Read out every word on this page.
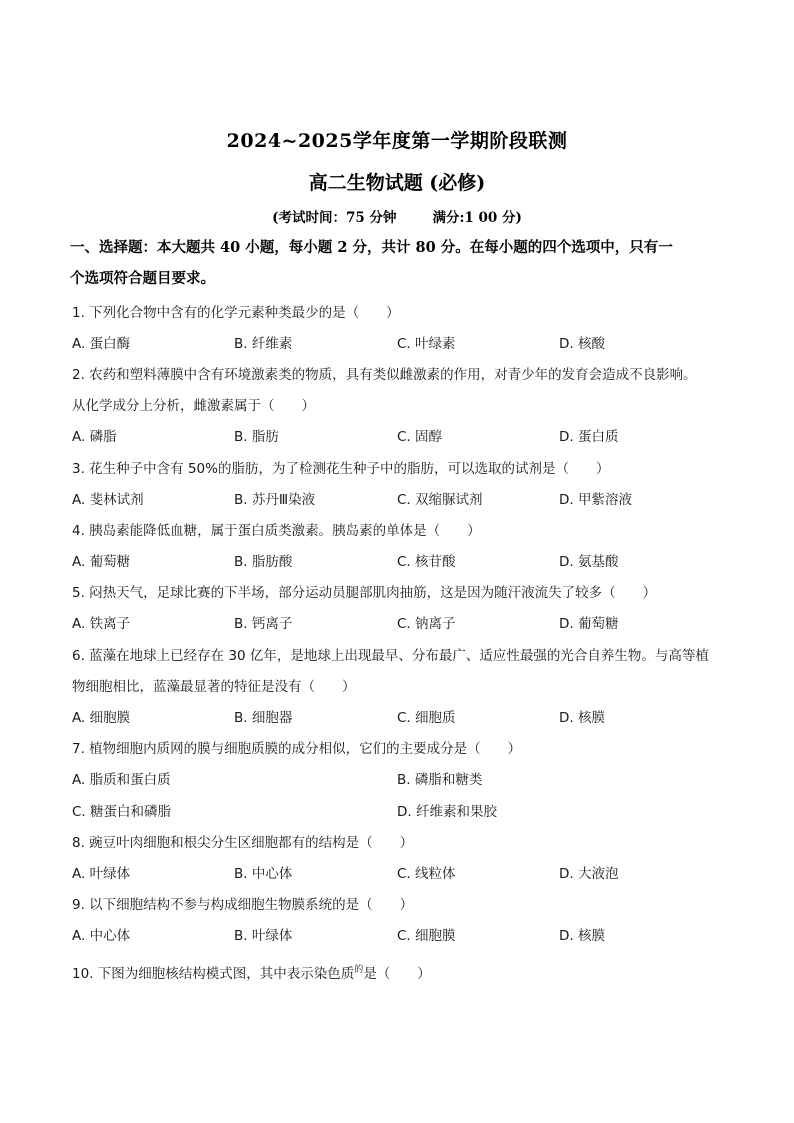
2024~2025学年度第一学期阶段联测
高二生物试题 (必修)
(考试时间：75 分钟	满分:1 00 分)
一、选择题：本大题共 40 小题，每小题 2 分，共计 80 分。在每小题的四个选项中，只有一
个选项符合题目要求。
1. 下列化合物中含有的化学元素种类最少的是（　　）
A. 蛋白酶	B. 纤维素	C. 叶绿素	D. 核酸
2. 农药和塑料薄膜中含有环境激素类的物质，具有类似雌激素的作用，对青少年的发育会造成不良影响。
从化学成分上分析，雌激素属于（　　）
A. 磷脂	B. 脂肪	C. 固醇	D. 蛋白质
3. 花生种子中含有 50%的脂肪，为了检测花生种子中的脂肪，可以选取的试剂是（　　）
A. 斐林试剂	B. 苏丹Ⅲ染液	C. 双缩脲试剂	D. 甲紫溶液
4. 胰岛素能降低血糖，属于蛋白质类激素。胰岛素的单体是（　　）
A. 葡萄糖	B. 脂肪酸	C. 核苷酸	D. 氨基酸
5. 闷热天气，足球比赛的下半场，部分运动员腿部肌肉抽筋，这是因为随汗液流失了较多（　　）
A. 铁离子	B. 钙离子	C. 钠离子	D. 葡萄糖
6. 蓝藻在地球上已经存在 30 亿年，是地球上出现最早、分布最广、适应性最强的光合自养生物。与高等植
物细胞相比，蓝藻最显著的特征是没有（　　）
A. 细胞膜	B. 细胞器	C. 细胞质	D. 核膜
7. 植物细胞内质网的膜与细胞质膜的成分相似，它们的主要成分是（　　）
A. 脂质和蛋白质	B. 磷脂和糖类
C. 糖蛋白和磷脂	D. 纤维素和果胶
8. 豌豆叶肉细胞和根尖分生区细胞都有的结构是（　　）
A. 叶绿体	B. 中心体	C. 线粒体	D. 大液泡
9. 以下细胞结构不参与构成细胞生物膜系统的是（　　）
A. 中心体	B. 叶绿体	C. 细胞膜	D. 核膜
10. 下图为细胞核结构模式图，其中表示染色质$^的$是（　　）
